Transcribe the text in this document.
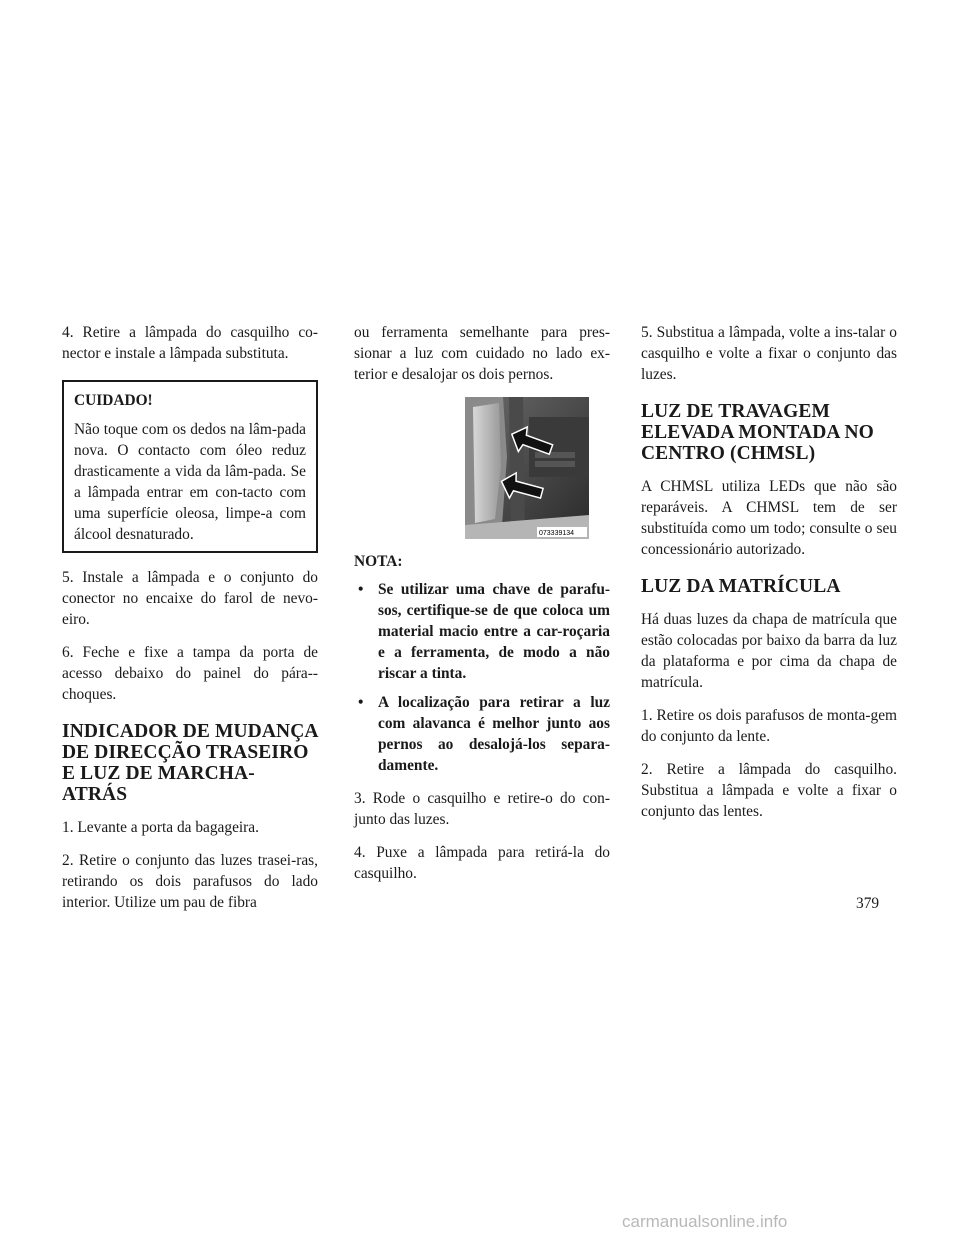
4. Retire a lâmpada do casquilho co-nector e instale a lâmpada substituta.

CUIDADO!

Não toque com os dedos na lâm-pada nova. O contacto com óleo reduz drasticamente a vida da lâm-pada. Se a lâmpada entrar em con-tacto com uma superfície oleosa, limpe-a com álcool desnaturado.

5. Instale a lâmpada e o conjunto do conector no encaixe do farol de nevo-eiro.

6. Feche e fixe a tampa da porta de acesso debaixo do painel do pára--choques.

INDICADOR DE MUDANÇA DE DIRECÇÃO TRASEIRO E LUZ DE MARCHA-ATRÁS

1. Levante a porta da bagageira.

2. Retire o conjunto das luzes trasei-ras, retirando os dois parafusos do lado interior. Utilize um pau de fibra

ou ferramenta semelhante para pres-sionar a luz com cuidado no lado ex-terior e desalojar os dois pernos.

073339134
NOTA:
• Se utilizar uma chave de parafu-sos, certifique-se de que coloca um material macio entre a car-roçaria e a ferramenta, de modo a não riscar a tinta.
• A localização para retirar a luz com alavanca é melhor junto aos pernos ao desalojá-los separa-damente.

3. Rode o casquilho e retire-o do con-junto das luzes.

4. Puxe a lâmpada para retirá-la do casquilho.

5. Substitua a lâmpada, volte a ins-talar o casquilho e volte a fixar o conjunto das luzes.

LUZ DE TRAVAGEM ELEVADA MONTADA NO CENTRO (CHMSL)

A CHMSL utiliza LEDs que não são reparáveis. A CHMSL tem de ser substituída como um todo; consulte o seu concessionário autorizado.

LUZ DA MATRÍCULA

Há duas luzes da chapa de matrícula que estão colocadas por baixo da barra da luz da plataforma e por cima da chapa de matrícula.

1. Retire os dois parafusos de monta-gem do conjunto da lente.

2. Retire a lâmpada do casquilho. Substitua a lâmpada e volte a fixar o conjunto das lentes.

379
carmanualsonline.info
